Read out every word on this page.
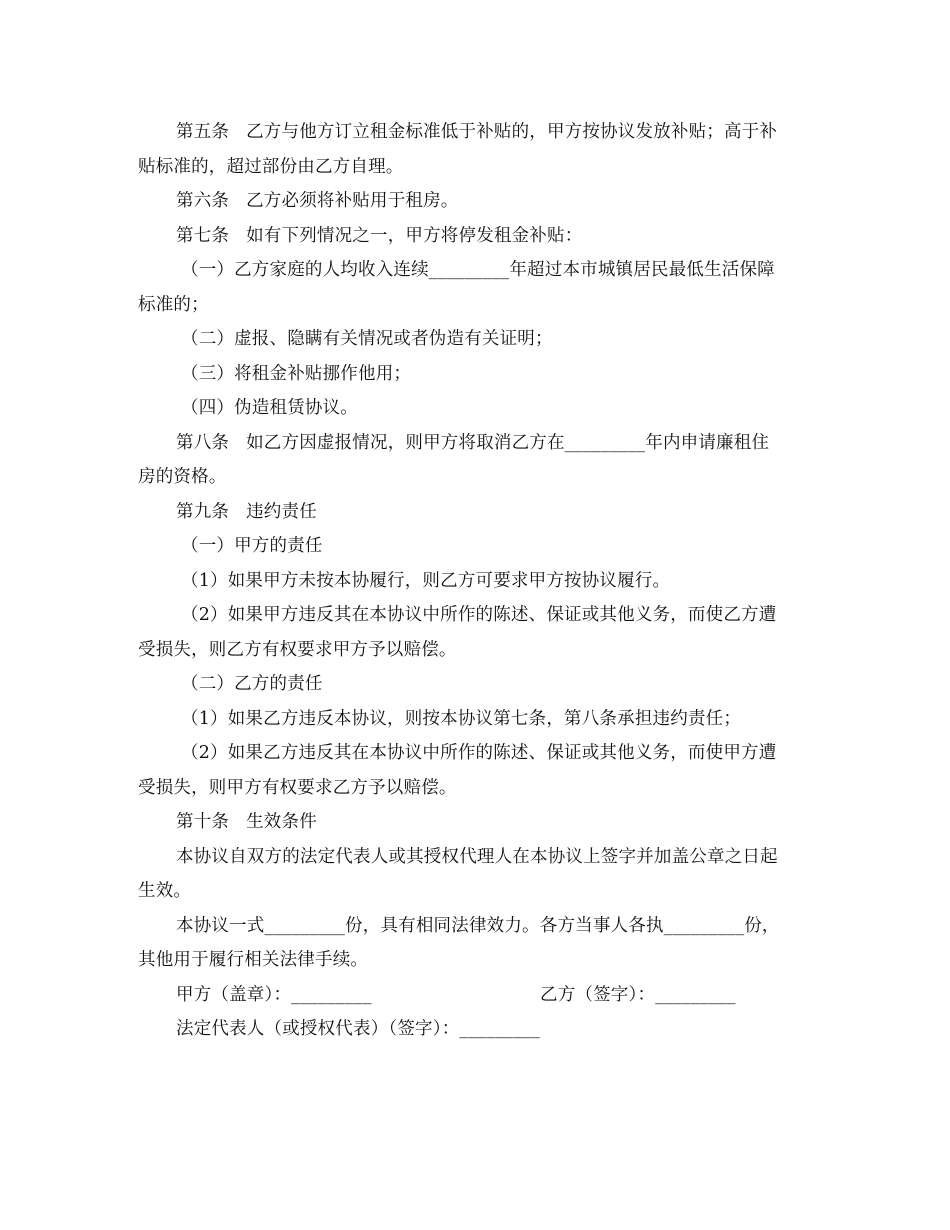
第五条 乙方与他方订立租金标准低于补贴的，甲方按协议发放补贴；高于补
贴标准的，超过部份由乙方自理。
第六条 乙方必须将补贴用于租房。
第七条 如有下列情况之一，甲方将停发租金补贴：
（一）乙方家庭的人均收入连续_________年超过本市城镇居民最低生活保障
标准的；
（二）虚报、隐瞒有关情况或者伪造有关证明；
（三）将租金补贴挪作他用；
（四）伪造租赁协议。
第八条 如乙方因虚报情况，则甲方将取消乙方在_________年内申请廉租住
房的资格。
第九条 违约责任
（一）甲方的责任
（1）如果甲方未按本协履行，则乙方可要求甲方按协议履行。
（2）如果甲方违反其在本协议中所作的陈述、保证或其他义务，而使乙方遭
受损失，则乙方有权要求甲方予以赔偿。
（二）乙方的责任
（1）如果乙方违反本协议，则按本协议第七条，第八条承担违约责任；
（2）如果乙方违反其在本协议中所作的陈述、保证或其他义务，而使甲方遭
受损失，则甲方有权要求乙方予以赔偿。
第十条 生效条件
本协议自双方的法定代表人或其授权代理人在本协议上签字并加盖公章之日起
生效。
本协议一式_________份，具有相同法律效力。各方当事人各执_________份，
其他用于履行相关法律手续。
甲方（盖章）：_________	乙方（签字）：_________
法定代表人（或授权代表）（签字）：_________
